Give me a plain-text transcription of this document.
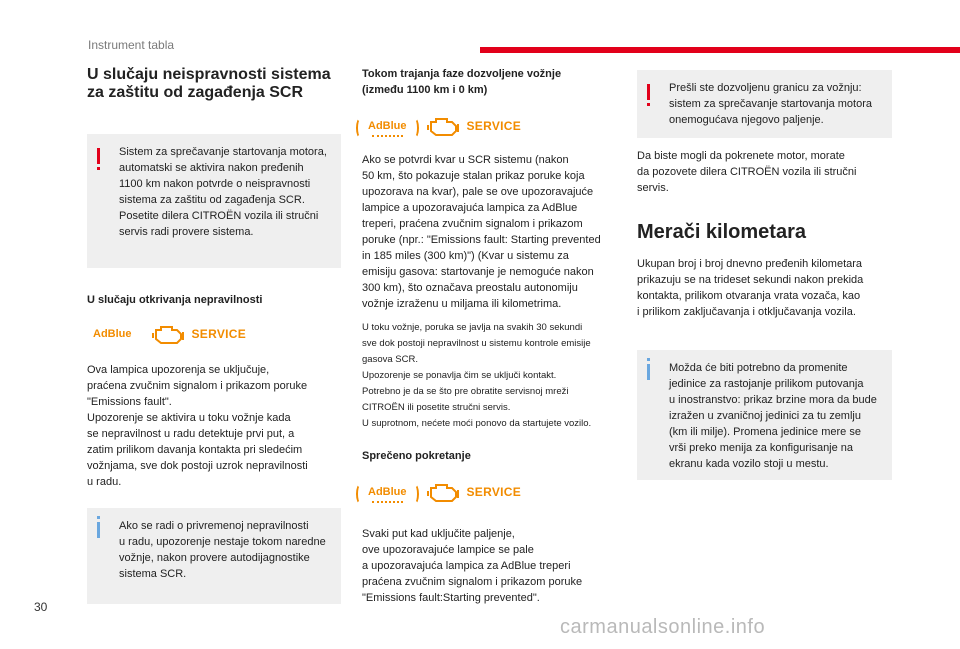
Instrument tabla
30
carmanualsonline.info
U slučaju neispravnosti sistema
za zaštitu od zagađenja SCR

Sistem za sprečavanje startovanja motora,
automatski se aktivira nakon pređenih
1100 km nakon potvrde o neispravnosti
sistema za zaštitu od zagađenja SCR.
Posetite dilera CITROËN vozila ili stručni
servis radi provere sistema.

U slučaju otkrivanja nepravilnosti
AdBlue	SERVICE

Ova lampica upozorenja se uključuje,
praćena zvučnim signalom i prikazom poruke
"Emissions fault".
Upozorenje se aktivira u toku vožnje kada
se nepravilnost u radu detektuje prvi put, a
zatim prilikom davanja kontakta pri sledećim
vožnjama, sve dok postoji uzrok nepravilnosti
u radu.

Ako se radi o privremenoj nepravilnosti
u radu, upozorenje nestaje tokom naredne
vožnje, nakon provere autodijagnostike
sistema SCR.

Tokom trajanja faze dozvoljene vožnje
(između 1100 km i 0 km)
AdBlue	SERVICE

Ako se potvrdi kvar u SCR sistemu (nakon
50 km, što pokazuje stalan prikaz poruke koja
upozorava na kvar), pale se ove upozoravajuće
lampice a upozoravajuća lampica za AdBlue
treperi, praćena zvučnim signalom i prikazom
poruke (npr.: "Emissions fault: Starting prevented
in 185 miles (300 km)") (Kvar u sistemu za
emisiju gasova: startovanje je nemoguće nakon
300 km), što označava preostalu autonomiju
vožnje izraženu u miljama ili kilometrima.

U toku vožnje, poruka se javlja na svakih 30 sekundi
sve dok postoji nepravilnost u sistemu kontrole emisije
gasova SCR.
Upozorenje se ponavlja čim se uključi kontakt.
Potrebno je da se što pre obratite servisnoj mreži
CITROËN ili posetite stručni servis.
U suprotnom, nećete moći ponovo da startujete vozilo.

Sprečeno pokretanje
AdBlue	SERVICE

Svaki put kad uključite paljenje,
ove upozoravajuće lampice se pale
a upozoravajuća lampica za AdBlue treperi
praćena zvučnim signalom i prikazom poruke
"Emissions fault:Starting prevented".

Prešli ste dozvoljenu granicu za vožnju:
sistem za sprečavanje startovanja motora
onemogućava njegovo paljenje.

Da biste mogli da pokrenete motor, morate
da pozovete dilera CITROËN vozila ili stručni
servis.

Merači kilometara

Ukupan broj i broj dnevno pređenih kilometara
prikazuju se na trideset sekundi nakon prekida
kontakta, prilikom otvaranja vrata vozača, kao
i prilikom zaključavanja i otključavanja vozila.

Možda će biti potrebno da promenite
jedinice za rastojanje prilikom putovanja
u inostranstvo: prikaz brzine mora da bude
izražen u zvaničnoj jedinici za tu zemlju
(km ili milje). Promena jedinice mere se
vrši preko menija za konfigurisanje na
ekranu kada vozilo stoji u mestu.
